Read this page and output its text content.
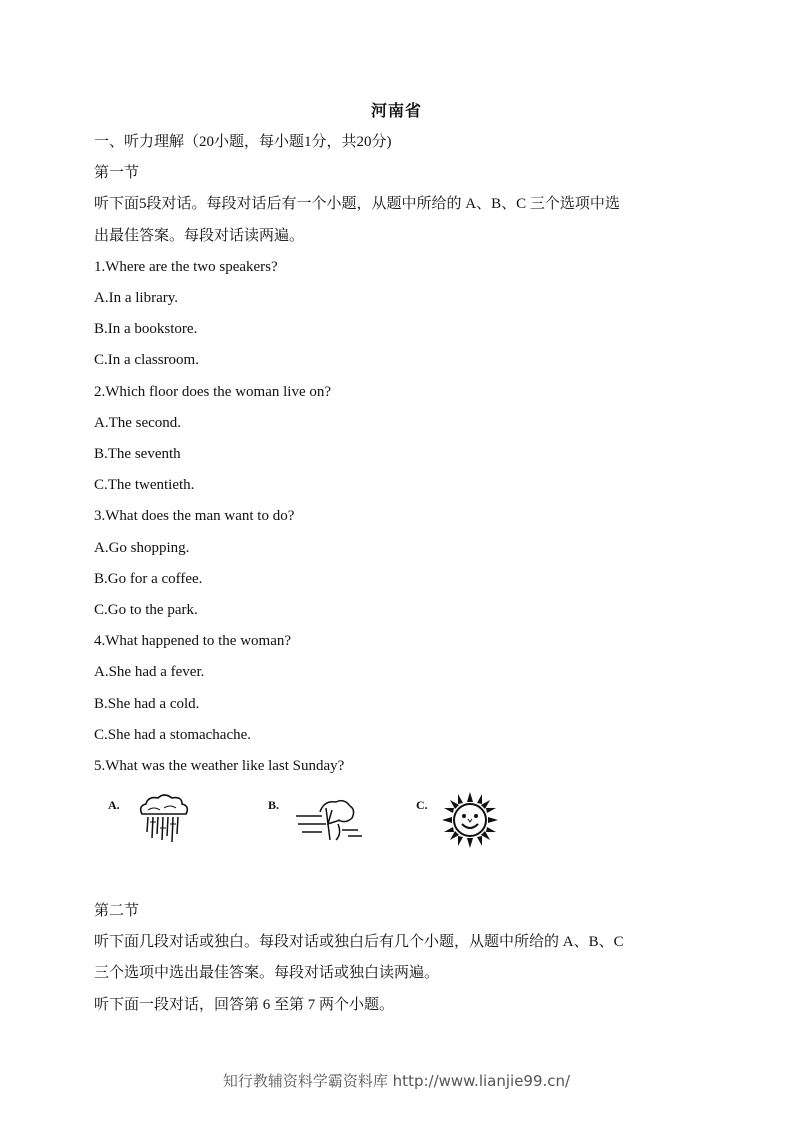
河南省
一、听力理解（20小题，每小题1分，共20分)
第一节
听下面5段对话。每段对话后有一个小题，从题中所给的 A、B、C 三个选项中选
出最佳答案。每段对话读两遍。
1.Where are the two speakers?
A.In a library.
B.In a bookstore.
C.In a classroom.
2.Which floor does the woman live on?
A.The second.
B.The seventh
C.The twentieth.
3.What does the man want to do?
A.Go shopping.
B.Go for a coffee.
C.Go to the park.
4.What happened to the woman?
A.She had a fever.
B.She had a cold.
C.She had a stomachache.
5.What was the weather like last Sunday?
A.	B.	C.
第二节
听下面几段对话或独白。每段对话或独白后有几个小题，从题中所给的 A、B、C
三个选项中选出最佳答案。每段对话或独白读两遍。
听下面一段对话，回答第 6 至第 7 两个小题。
知行教辅资料学霸资料库 http://www.lianjie99.cn/
